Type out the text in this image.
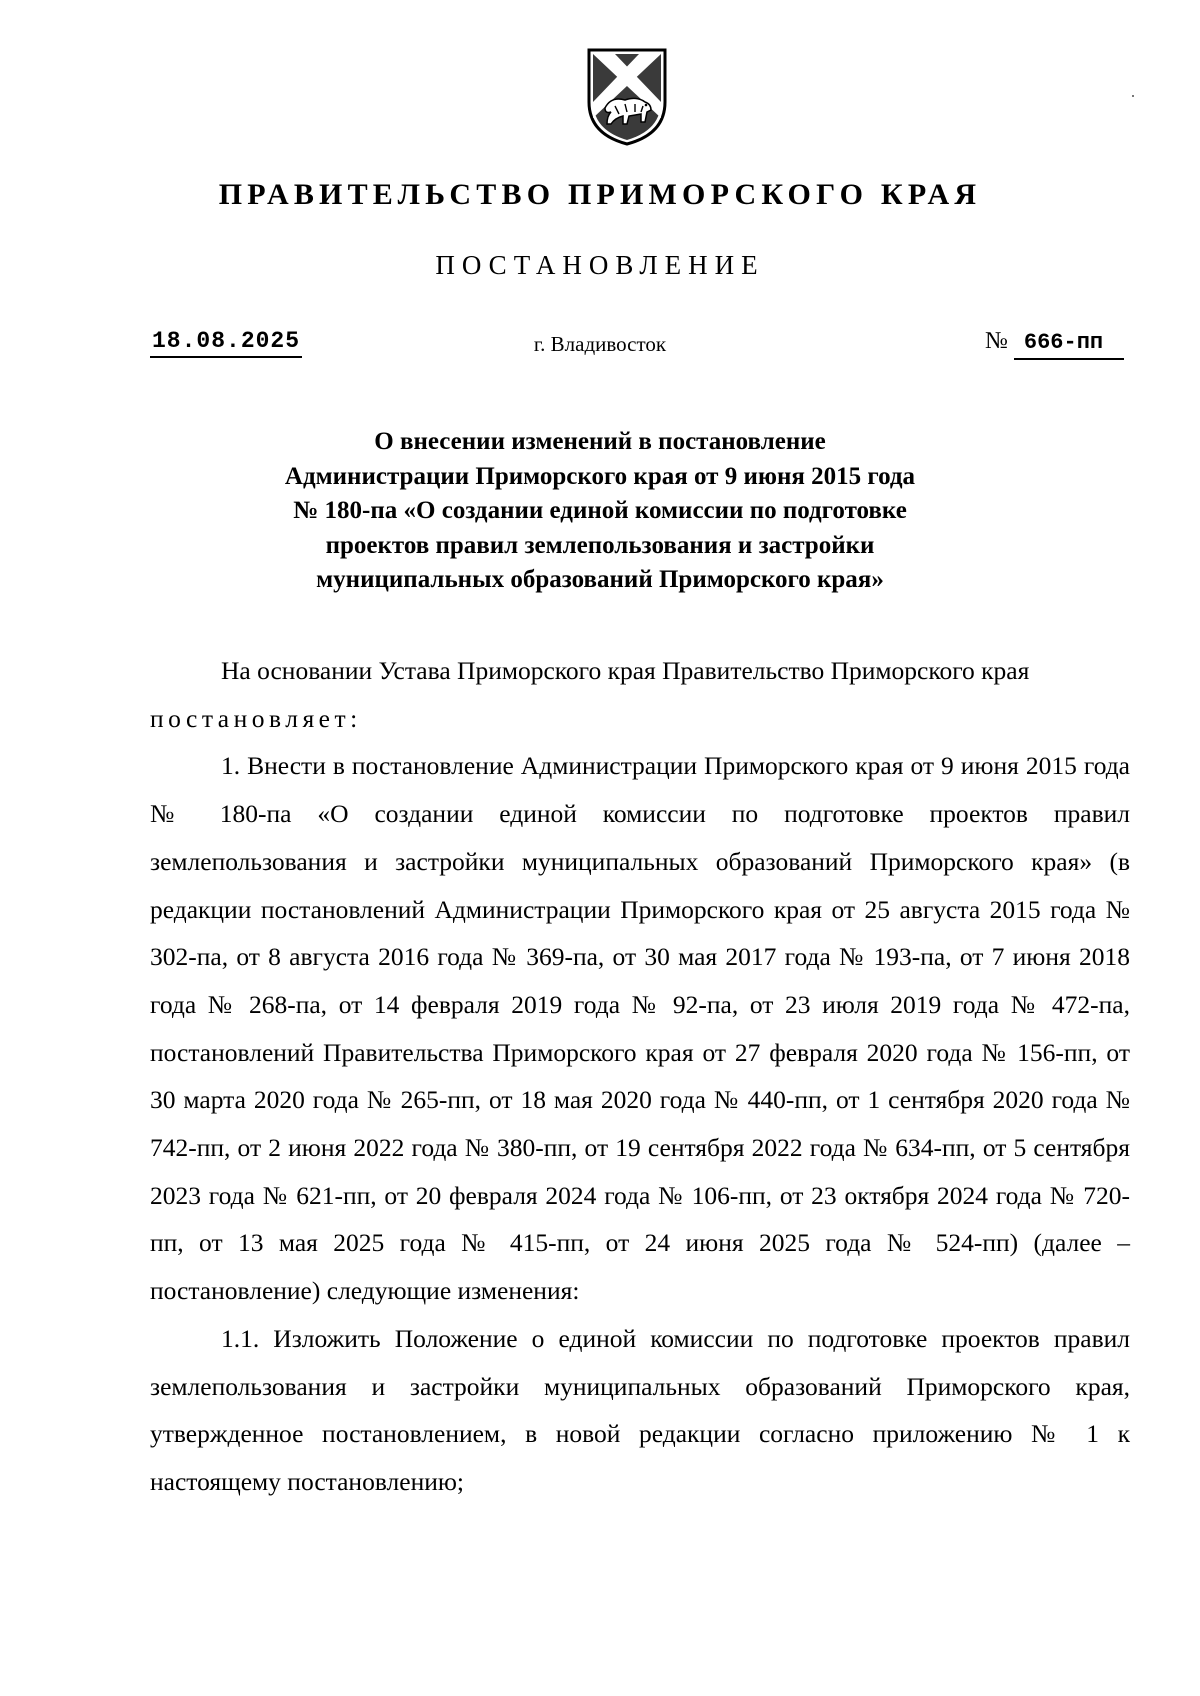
ПРАВИТЕЛЬСТВО ПРИМОРСКОГО КРАЯ
ПОСТАНОВЛЕНИЕ
18.08.2025	г. Владивосток	№ 666-пп
О внесении изменений в постановление
Администрации Приморского края от 9 июня 2015 года
№ 180-па «О создании единой комиссии по подготовке
проектов правил землепользования и застройки
муниципальных образований Приморского края»

На основании Устава Приморского края Правительство Приморского края

постановляет:

1. Внести в постановление Администрации Приморского края от 9 июня 2015 года № 180-па «О создании единой комиссии по подготовке проектов правил землепользования и застройки муниципальных образований Приморского края» (в редакции постановлений Администрации Приморского края от 25 августа 2015 года № 302-па, от 8 августа 2016 года № 369-па, от 30 мая 2017 года № 193-па, от 7 июня 2018 года № 268-па, от 14 февраля 2019 года № 92-па, от 23 июля 2019 года № 472-па, постановлений Правительства Приморского края от 27 февраля 2020 года № 156-пп, от 30 марта 2020 года № 265-пп, от 18 мая 2020 года № 440-пп, от 1 сентября 2020 года № 742-пп, от 2 июня 2022 года № 380-пп, от 19 сентября 2022 года № 634-пп, от 5 сентября 2023 года № 621-пп, от 20 февраля 2024 года № 106-пп, от 23 октября 2024 года № 720-пп, от 13 мая 2025 года № 415-пп, от 24 июня 2025 года № 524-пп) (далее – постановление) следующие изменения:

1.1. Изложить Положение о единой комиссии по подготовке проектов правил землепользования и застройки муниципальных образований Приморского края, утвержденное постановлением, в новой редакции согласно приложению № 1 к настоящему постановлению;
